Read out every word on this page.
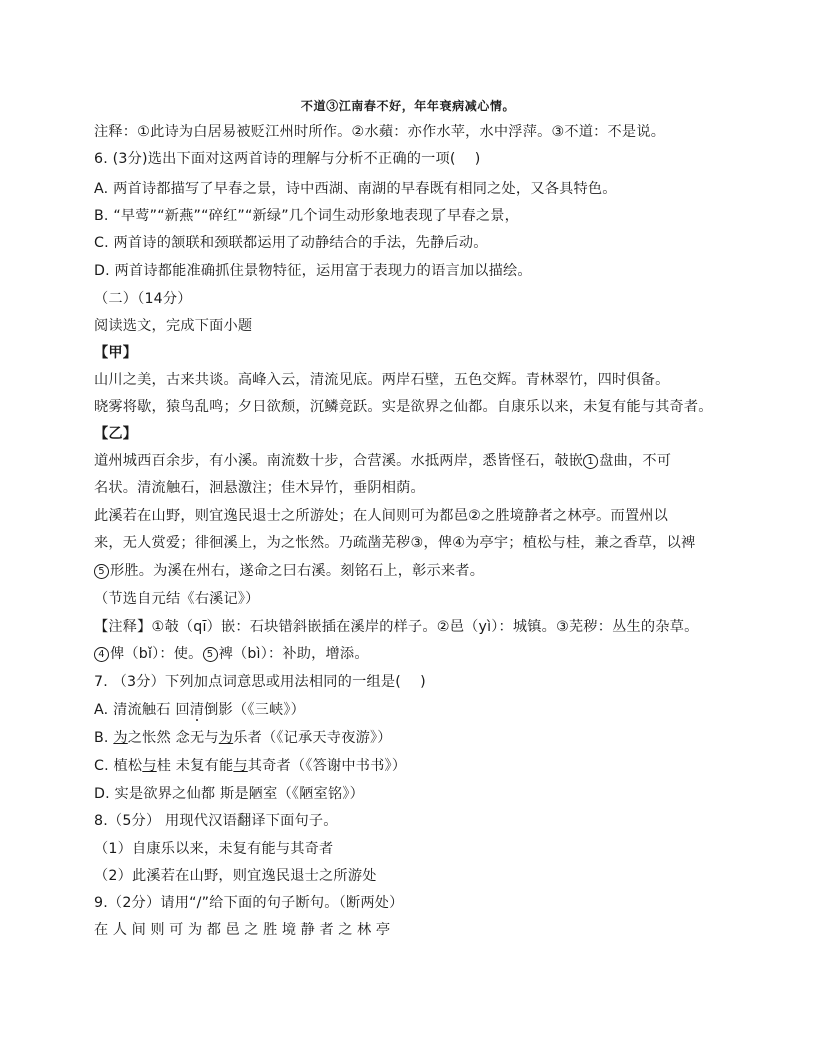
不道③江南春不好，年年衰病减心情。
注释：①此诗为白居易被贬江州时所作。②水蘋：亦作水苹，水中浮萍。③不道：不是说。
6. (3分)选出下面对这两首诗的理解与分析不正确的一项(　 )
A. 两首诗都描写了早春之景，诗中西湖、南湖的早春既有相同之处，又各具特色。
B. “早莺”“新燕”“碎红”“新绿”几个词生动形象地表现了早春之景，
C. 两首诗的颔联和颈联都运用了动静结合的手法，先静后动。
D. 两首诗都能准确抓住景物特征，运用富于表现力的语言加以描绘。
（二）（14分）
阅读选文，完成下面小题
【甲】
山川之美，古来共谈。高峰入云，清流见底。两岸石壁，五色交辉。青林翠竹，四时俱备。
晓雾将歇，猿鸟乱鸣；夕日欲颓，沉鳞竞跃。实是欲界之仙都。自康乐以来，未复有能与其奇者。
【乙】
道州城西百余步，有小溪。南流数十步，合营溪。水抵两岸，悉皆怪石，攲嵌 1 盘曲，不可
名状。清流触石，洄悬激注；佳木异竹，垂阴相荫。
此溪若在山野，则宜逸民退士之所游处；在人间则可为都邑②之胜境静者之林亭。而置州以
来，无人赏爱；徘徊溪上，为之怅然。乃疏凿芜秽③，俾④为亭宇；植松与桂，兼之香草，以裨
5 形胜。为溪在州右，遂命之曰右溪。刻铭石上，彰示来者。
（节选自元结《右溪记》）
【注释】①攲（qī）嵌：石块错斜嵌插在溪岸的样子。②邑（yì）：城镇。③芜秽：丛生的杂草。
4 俾（bǐ）：使。 5 裨（bì）：补助，增添。
7. （3分）下列加点词意思或用法相同的一组是(　 )
A. 清流触石 回清倒影（《三峡》）
B. 为之怅然 念无与为乐者（《记承天寺夜游》）
C. 植松与桂 未复有能与其奇者（《答谢中书书》）
D. 实是欲界之仙都 斯是陋室（《陋室铭》）
8.（5分） 用现代汉语翻译下面句子。
（1）自康乐以来，未复有能与其奇者
（2）此溪若在山野，则宜逸民退士之所游处
9.（2分）请用“/”给下面的句子断句。（断两处）
在人间则可为都邑之胜境静者之林亭
